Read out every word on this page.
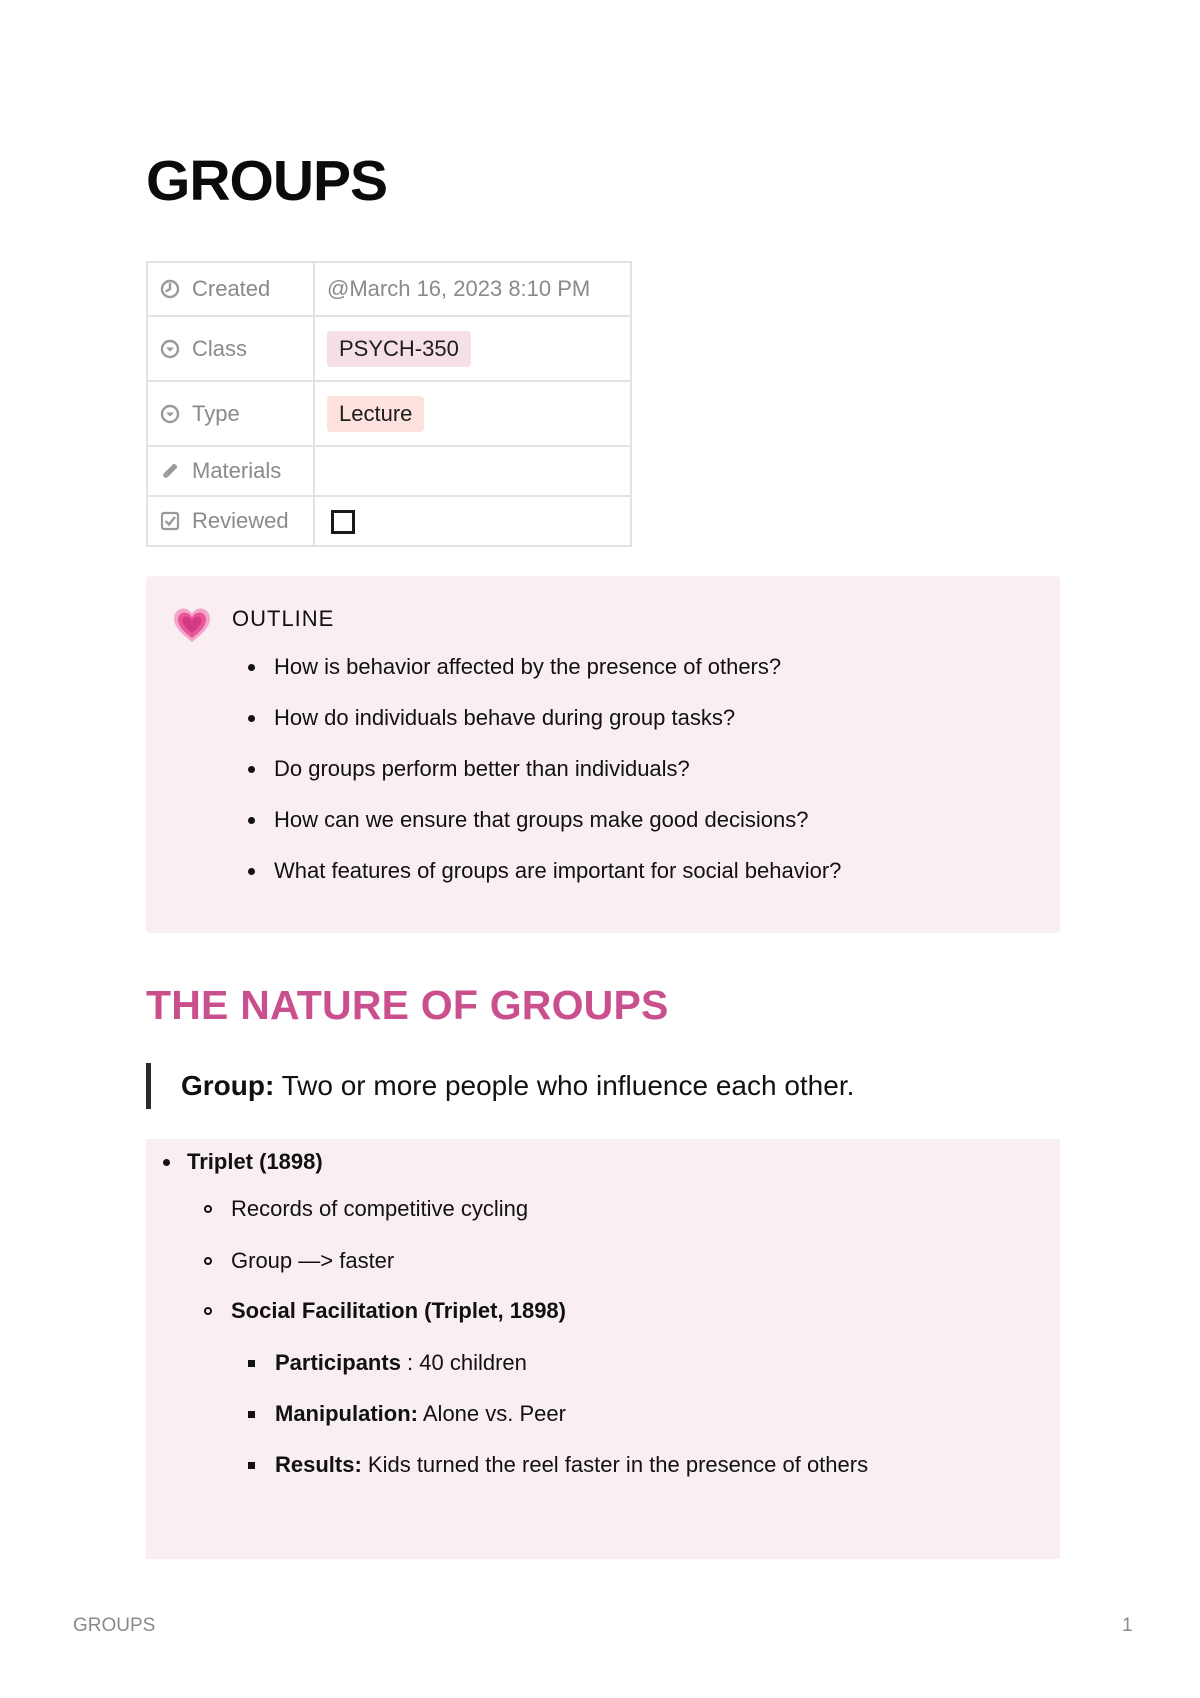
GROUPS
Created	@March 16, 2023 8:10 PM
Class	PSYCH-350
Type	Lecture
Materials	
Reviewed	
OUTLINE
How is behavior affected by the presence of others?
How do individuals behave during group tasks?
Do groups perform better than individuals?
How can we ensure that groups make good decisions?
What features of groups are important for social behavior?
THE NATURE OF GROUPS
Group: Two or more people who influence each other.
Triplet (1898)
Records of competitive cycling
Group —> faster
Social Facilitation (Triplet, 1898)
Participants : 40 children
Manipulation: Alone vs. Peer
Results: Kids turned the reel faster in the presence of others
GROUPS	1
